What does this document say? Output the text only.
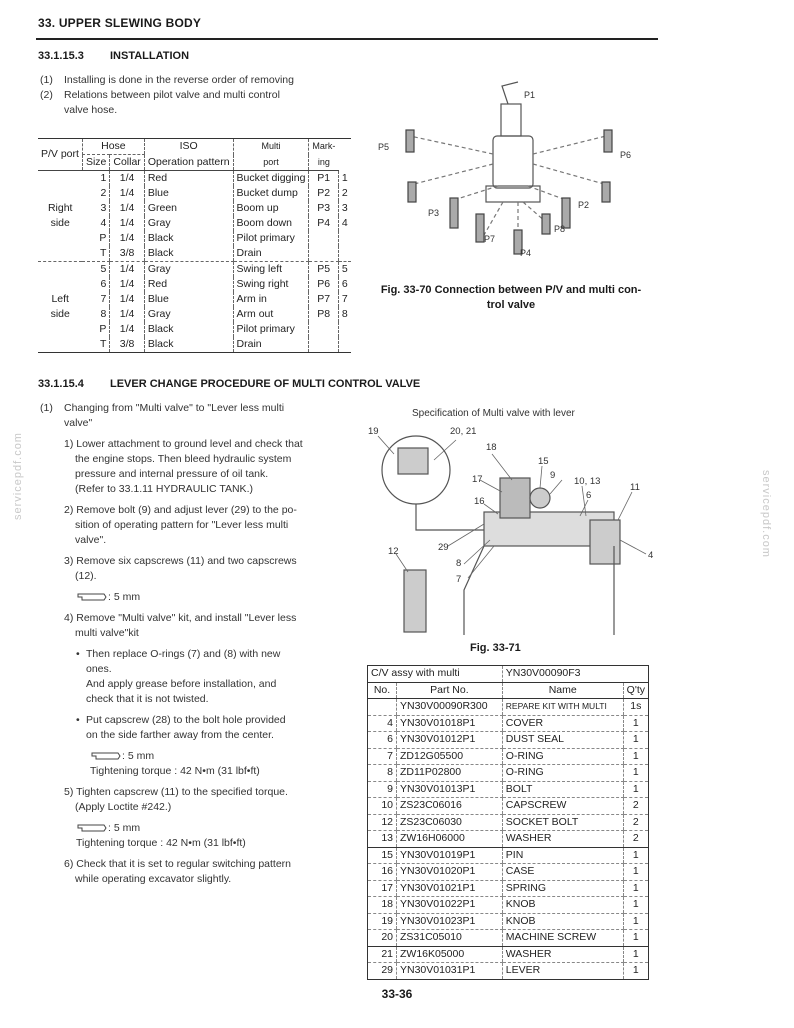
33. UPPER SLEWING BODY
33.1.15.3 INSTALLATION
(1) Installing is done in the reverse order of removing
(2) Relations between pilot valve and multi control
valve hose.
P/V port	Hose		ISO	Multi	Mark-	
	Size	Collar	Operation pattern	port	ing	

Right
side	1	1/4	Red	Bucket digging	P1	1
	2	1/4	Blue	Bucket dump	P2	2
	3	1/4	Green	Boom up	P3	3
	4	1/4	Gray	Boom down	P4	4
	P	1/4	Black	Pilot primary		
	T	3/8	Black	Drain		

Left
side	5	1/4	Gray	Swing left	P5	5
	6	1/4	Red	Swing right	P6	6
	7	1/4	Blue	Arm in	P7	7
	8	1/4	Gray	Arm out	P8	8
	P	1/4	Black	Pilot primary		
	T	3/8	Black	Drain		
P1
P2
P3
P4
P5
P6
P7
P8
Fig. 33-70 Connection between P/V and multi con-
trol valve
33.1.15.4 LEVER CHANGE PROCEDURE OF MULTI CONTROL VALVE
(1) Changing from "Multi valve" to "Lever less multi
valve"
1) Lower attachment to ground level and check that
the engine stops. Then bleed hydraulic system
pressure and internal pressure of oil tank.
(Refer to 33.1.11 HYDRAULIC TANK.)
2) Remove bolt (9) and adjust lever (29) to the po-
sition of operating pattern for "Lever less multi
valve".
3) Remove six capscrews (11) and two capscrews
(12).
: 5 mm
4) Remove "Multi valve" kit, and install "Lever less
multi valve"kit
• Then replace O-rings (7) and (8) with new
ones.
And apply grease before installation, and
check that it is not twisted.
• Put capscrew (28) to the bolt hole provided
on the side farther away from the center.
: 5 mm
Tightening torque : 42 N•m (31 lbf•ft)
5) Tighten capscrew (11) to the specified torque.
(Apply Loctite #242.)
: 5 mm
Tightening torque : 42 N•m (31 lbf•ft)
6) Check that it is set to regular switching pattern
while operating excavator slightly.
Specification of Multi valve with lever
19	20, 21
18
15
17	9
10, 13
11
16
6
12	29
8
7
4
Fig. 33-71
C/V assy with multi		YN30V00090F3	
No.	Part No.	Name	Q'ty
	YN30V00090R300	REPARE KIT WITH MULTI	1s
4	YN30V01018P1	COVER	1
6	YN30V01012P1	DUST SEAL	1
7	ZD12G05500	O-RING	1
8	ZD11P02800	O-RING	1
9	YN30V01013P1	BOLT	1
10	ZS23C06016	CAPSCREW	2
12	ZS23C06030	SOCKET BOLT	2
13	ZW16H06000	WASHER	2
15	YN30V01019P1	PIN	1
16	YN30V01020P1	CASE	1
17	YN30V01021P1	SPRING	1
18	YN30V01022P1	KNOB	1
19	YN30V01023P1	KNOB	1
20	ZS31C05010	MACHINE SCREW	1
21	ZW16K05000	WASHER	1
29	YN30V01031P1	LEVER	1
servicepdf.com	servicepdf.com
33-36
